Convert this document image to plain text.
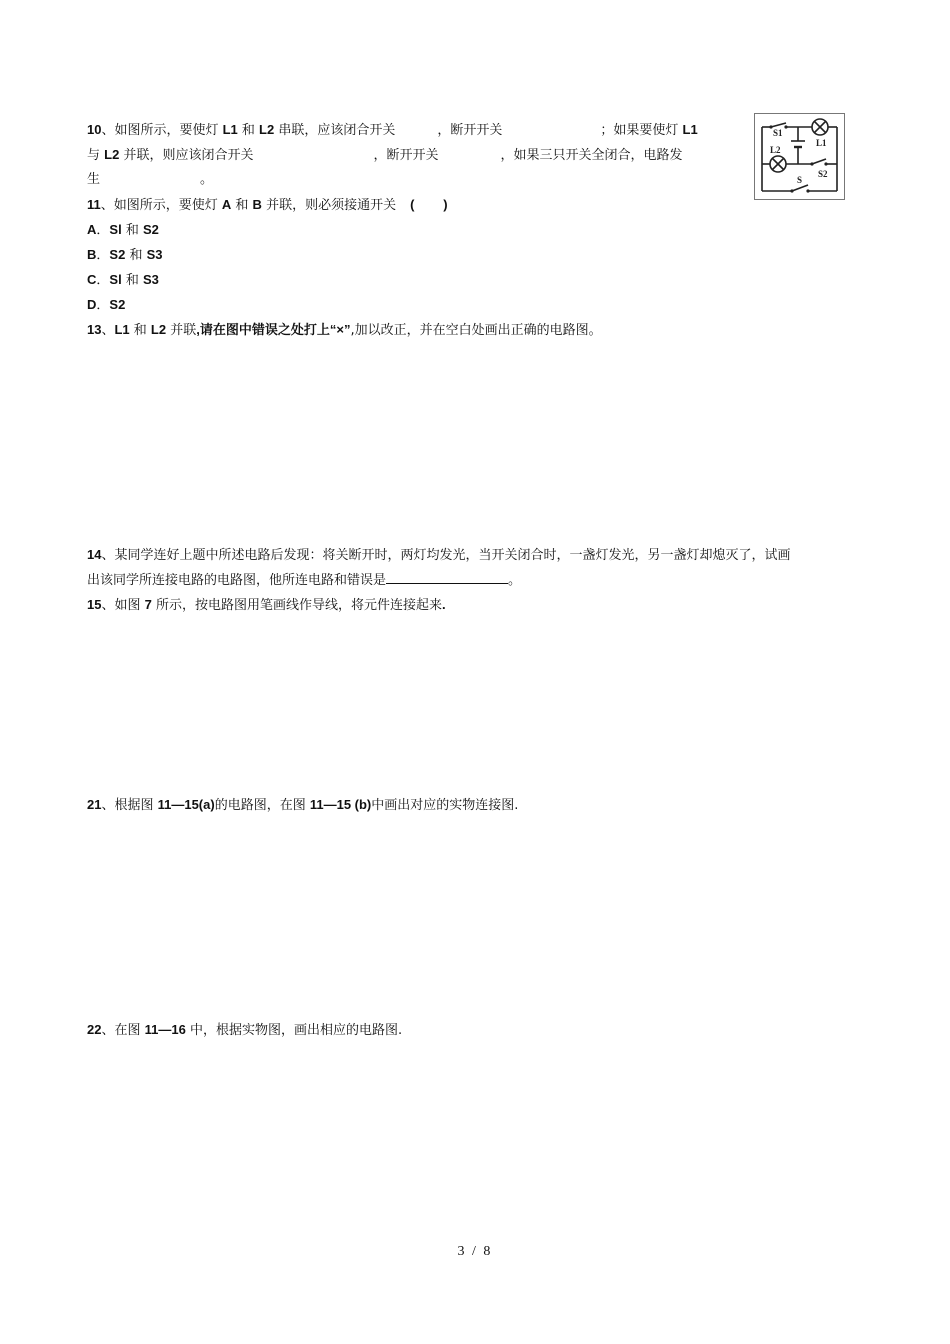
10、如图所示，要使灯 L1 和 L2 串联，应该闭合开关	，断开开关	；如果要使灯 L1
与 L2 并联，则应该闭合开关	，断开开关	，如果三只开关全闭合，电路发
生	。
S1
L1
L2
S2
S
11、如图所示，要使灯 A 和 B 并联，则必须接通开关 (        )
A．Sl 和 S2
B．S2 和 S3
C．Sl 和 S3
D．S2
13、L1 和 L2 并联,请在图中错误之处打上“×”,加以改正，并在空白处画出正确的电路图。
14、某同学连好上题中所述电路后发现：将关断开时，两灯均发光，当开关闭合时，一盏灯发光，另一盏灯却熄灭了，试画
出该同学所连接电路的电路图，他所连电路和错误是	。
15、如图 7 所示，按电路图用笔画线作导线，将元件连接起来.
21、根据图 11—15(a)的电路图，在图 11—15 (b)中画出对应的实物连接图.
22、在图 11—16 中，根据实物图，画出相应的电路图.
3 / 8
